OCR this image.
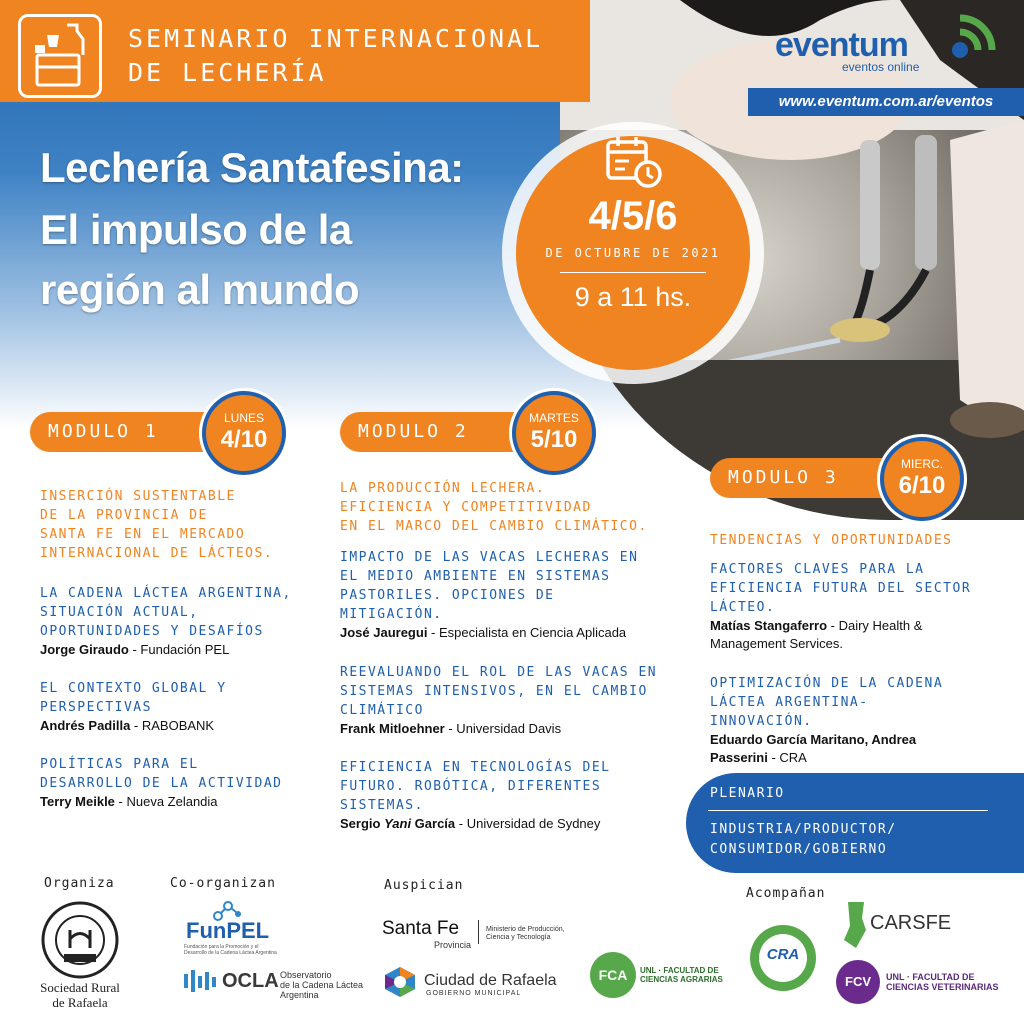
SEMINARIO INTERNACIONAL
DE LECHERÍA
eventum
eventos online
www.eventum.com.ar/eventos
Lechería Santafesina:
El impulso de la
región al mundo
4/5/6
DE OCTUBRE DE 2021
9 a 11 hs.
MODULO 1
LUNES
4/10
INSERCIÓN SUSTENTABLE
DE LA PROVINCIA DE
SANTA FE EN EL MERCADO
INTERNACIONAL DE LÁCTEOS.
LA CADENA LÁCTEA ARGENTINA,
SITUACIÓN ACTUAL,
OPORTUNIDADES Y DESAFÍOS
Jorge Giraudo - Fundación PEL
EL CONTEXTO GLOBAL Y
PERSPECTIVAS
Andrés Padilla - RABOBANK
POLÍTICAS PARA EL
DESARROLLO DE LA ACTIVIDAD
Terry Meikle - Nueva Zelandia
MODULO 2
MARTES
5/10
LA PRODUCCIÓN LECHERA.
EFICIENCIA Y COMPETITIVIDAD
EN EL MARCO DEL CAMBIO CLIMÁTICO.
IMPACTO DE LAS VACAS LECHERAS EN
EL MEDIO AMBIENTE EN SISTEMAS
PASTORILES. OPCIONES DE
MITIGACIÓN.
José Jauregui - Especialista en Ciencia Aplicada
REEVALUANDO EL ROL DE LAS VACAS EN
SISTEMAS INTENSIVOS, EN EL CAMBIO
CLIMÁTICO
Frank Mitloehner - Universidad Davis
EFICIENCIA EN TECNOLOGÍAS DEL
FUTURO. ROBÓTICA, DIFERENTES
SISTEMAS.
Sergio Yani García - Universidad de Sydney
MODULO 3
MIERC.
6/10
TENDENCIAS Y OPORTUNIDADES
FACTORES CLAVES PARA LA
EFICIENCIA FUTURA DEL SECTOR
LÁCTEO.
Matías Stangaferro - Dairy Health &
Management Services.
OPTIMIZACIÓN DE LA CADENA
LÁCTEA ARGENTINA-
INNOVACIÓN.
Eduardo García Maritano, Andrea
Passerini - CRA
PLENARIO
INDUSTRIA/PRODUCTOR/
CONSUMIDOR/GOBIERNO
Organiza	Co-organizan	Auspician
Acompañan
Sociedad Rural
de Rafaela
FunPEL
Fundación para la Promoción y el Desarrollo de la Cadena Láctea Argentina
OCLA Observatorio
de la Cadena Láctea
Argentina
Santa Fe
Provincia
Ministerio de Producción,
Ciencia y Tecnología
Ciudad de Rafaela
GOBIERNO MUNICIPAL
FCA	UNL · FACULTAD DE
CIENCIAS AGRARIAS
CRA
CARSFE
FCV	UNL · FACULTAD DE
CIENCIAS VETERINARIAS
